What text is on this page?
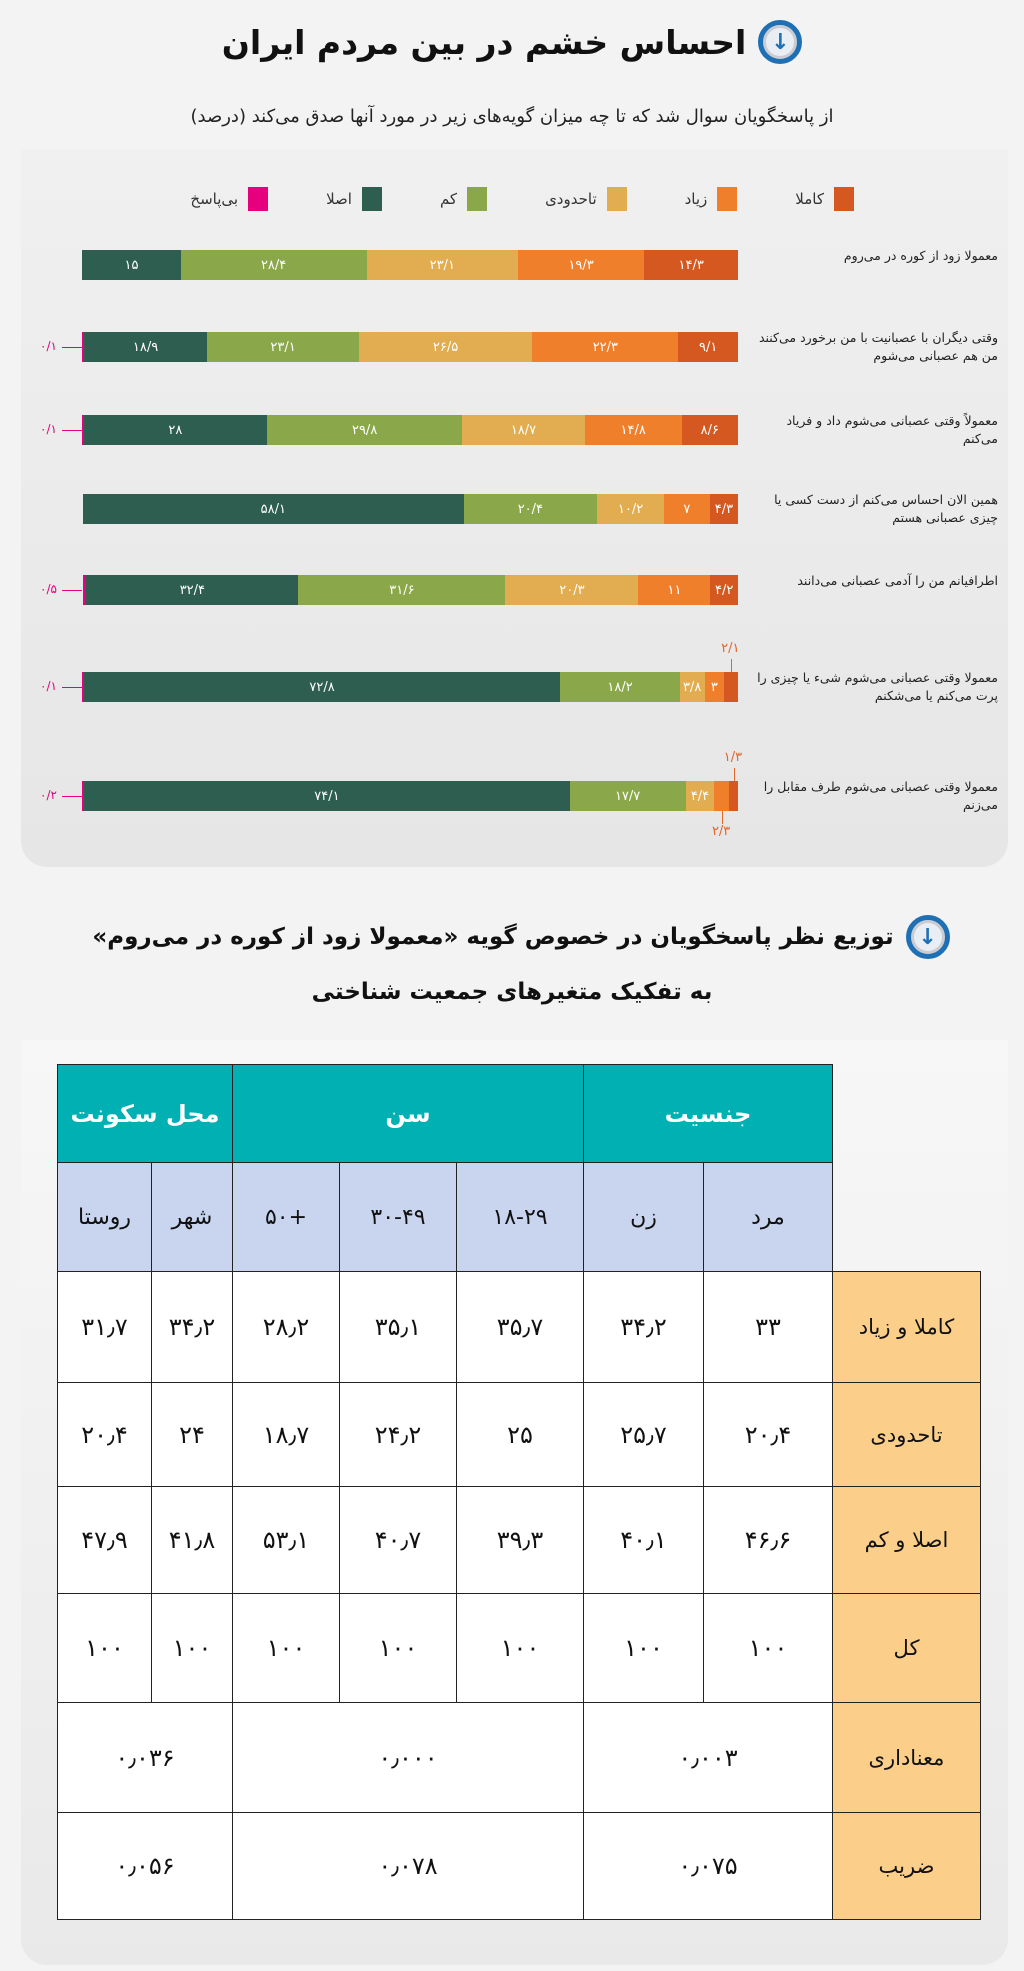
↓
احساس خشم در بین مردم ایران
از پاسخگویان سوال شد که تا چه میزان گویه‌های زیر در مورد آنها صدق می‌کند (درصد)
کاملا
زیاد
تاحدودی
کم
اصلا
بی‌پاسخ
معمولا زود از کوره در می‌روم
۱۴/۳
۱۹/۳
۲۳/۱
۲۸/۴
۱۵
وقتی دیگران با عصبانیت با من برخورد می‌کنند من هم عصبانی می‌شوم
۹/۱
۲۲/۳
۲۶/۵
۲۳/۱
۱۸/۹
۰/۱
معمولاً وقتی عصبانی می‌شوم داد و فریاد می‌کنم
۸/۶
۱۴/۸
۱۸/۷
۲۹/۸
۲۸
۰/۱
همین الان احساس می‌کنم از دست کسی یا چیزی عصبانی هستم
۴/۳
۷
۱۰/۲
۲۰/۴
۵۸/۱
اطرافیانم من را آدمی عصبانی می‌دانند
۴/۲
۱۱
۲۰/۳
۳۱/۶
۳۲/۴
۰/۵
معمولا وقتی عصبانی می‌شوم شیء یا چیزی را پرت می‌کنم یا می‌شکنم
۲/۱
۳
۳/۸
۱۸/۲
۷۲/۸
۰/۱
معمولا وقتی عصبانی می‌شوم طرف مقابل را می‌زنم
۱/۳
۲/۳
۴/۴
۱۷/۷
۷۴/۱
۰/۲
↓
توزیع نظر پاسخگویان در خصوص گویه «معمولا زود از کوره در می‌روم»
به تفکیک متغیرهای جمعیت شناختی
	جنسیت		سن			محل سکونت	
	مرد	زن	۱۸-۲۹	۳۰-۴۹	+۵۰	شهر	روستا
کاملا و زیاد	۳۳	۳۴٫۲	۳۵٫۷	۳۵٫۱	۲۸٫۲	۳۴٫۲	۳۱٫۷
تاحدودی	۲۰٫۴	۲۵٫۷	۲۵	۲۴٫۲	۱۸٫۷	۲۴	۲۰٫۴
اصلا و کم	۴۶٫۶	۴۰٫۱	۳۹٫۳	۴۰٫۷	۵۳٫۱	۴۱٫۸	۴۷٫۹
کل	۱۰۰	۱۰۰	۱۰۰	۱۰۰	۱۰۰	۱۰۰	۱۰۰
معناداری	۰٫۰۰۳		۰٫۰۰۰			۰٫۰۳۶	
ضریب	۰٫۰۷۵		۰٫۰۷۸			۰٫۰۵۶	
